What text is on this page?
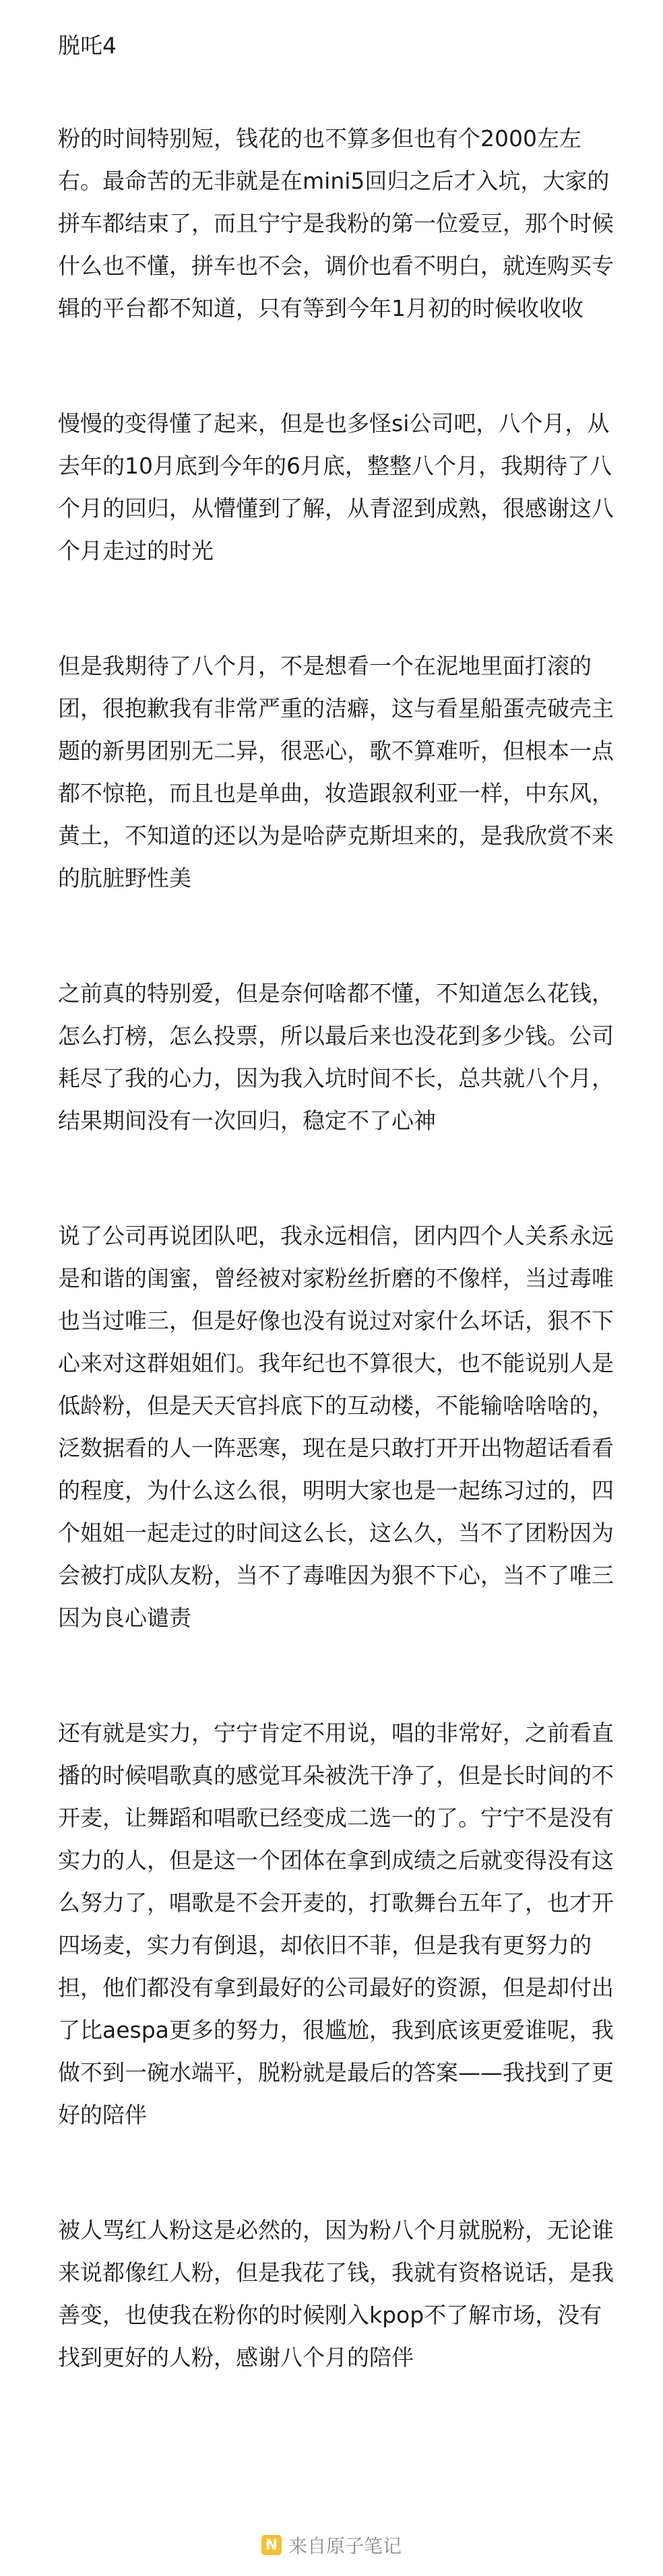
脱吒4

粉的时间特别短，钱花的也不算多但也有个2000左左右。最命苦的无非就是在mini5回归之后才入坑，大家的拼车都结束了，而且宁宁是我粉的第一位爱豆，那个时候什么也不懂，拼车也不会，调价也看不明白，就连购买专辑的平台都不知道，只有等到今年1月初的时候收收收

慢慢的变得懂了起来，但是也多怪si公司吧，八个月，从去年的10月底到今年的6月底，整整八个月，我期待了八个月的回归，从懵懂到了解，从青涩到成熟，很感谢这八个月走过的时光

但是我期待了八个月，不是想看一个在泥地里面打滚的团，很抱歉我有非常严重的洁癖，这与看星船蛋壳破壳主题的新男团别无二异，很恶心，歌不算难听，但根本一点都不惊艳，而且也是单曲，妆造跟叙利亚一样，中东风，黄土，不知道的还以为是哈萨克斯坦来的，是我欣赏不来的肮脏野性美

之前真的特别爱，但是奈何啥都不懂，不知道怎么花钱，怎么打榜，怎么投票，所以最后来也没花到多少钱。公司耗尽了我的心力，因为我入坑时间不长，总共就八个月，结果期间没有一次回归，稳定不了心神

说了公司再说团队吧，我永远相信，团内四个人关系永远是和谐的闺蜜，曾经被对家粉丝折磨的不像样，当过毒唯也当过唯三，但是好像也没有说过对家什么坏话，狠不下心来对这群姐姐们。我年纪也不算很大，也不能说别人是低龄粉，但是天天官抖底下的互动楼，不能输啥啥啥的，泛数据看的人一阵恶寒，现在是只敢打开开出物超话看看的程度，为什么这么很，明明大家也是一起练习过的，四个姐姐一起走过的时间这么长，这么久，当不了团粉因为会被打成队友粉，当不了毒唯因为狠不下心，当不了唯三因为良心谴责

还有就是实力，宁宁肯定不用说，唱的非常好，之前看直播的时候唱歌真的感觉耳朵被洗干净了，但是长时间的不开麦，让舞蹈和唱歌已经变成二选一的了。宁宁不是没有实力的人，但是这一个团体在拿到成绩之后就变得没有这么努力了，唱歌是不会开麦的，打歌舞台五年了，也才开四场麦，实力有倒退，却依旧不菲，但是我有更努力的担，他们都没有拿到最好的公司最好的资源，但是却付出了比aespa更多的努力，很尴尬，我到底该更爱谁呢，我做不到一碗水端平，脱粉就是最后的答案——我找到了更好的陪伴

被人骂红人粉这是必然的，因为粉八个月就脱粉，无论谁来说都像红人粉，但是我花了钱，我就有资格说话，是我善变，也使我在粉你的时候刚入kpop不了解市场，没有找到更好的人粉，感谢八个月的陪伴

N 来自原子笔记
